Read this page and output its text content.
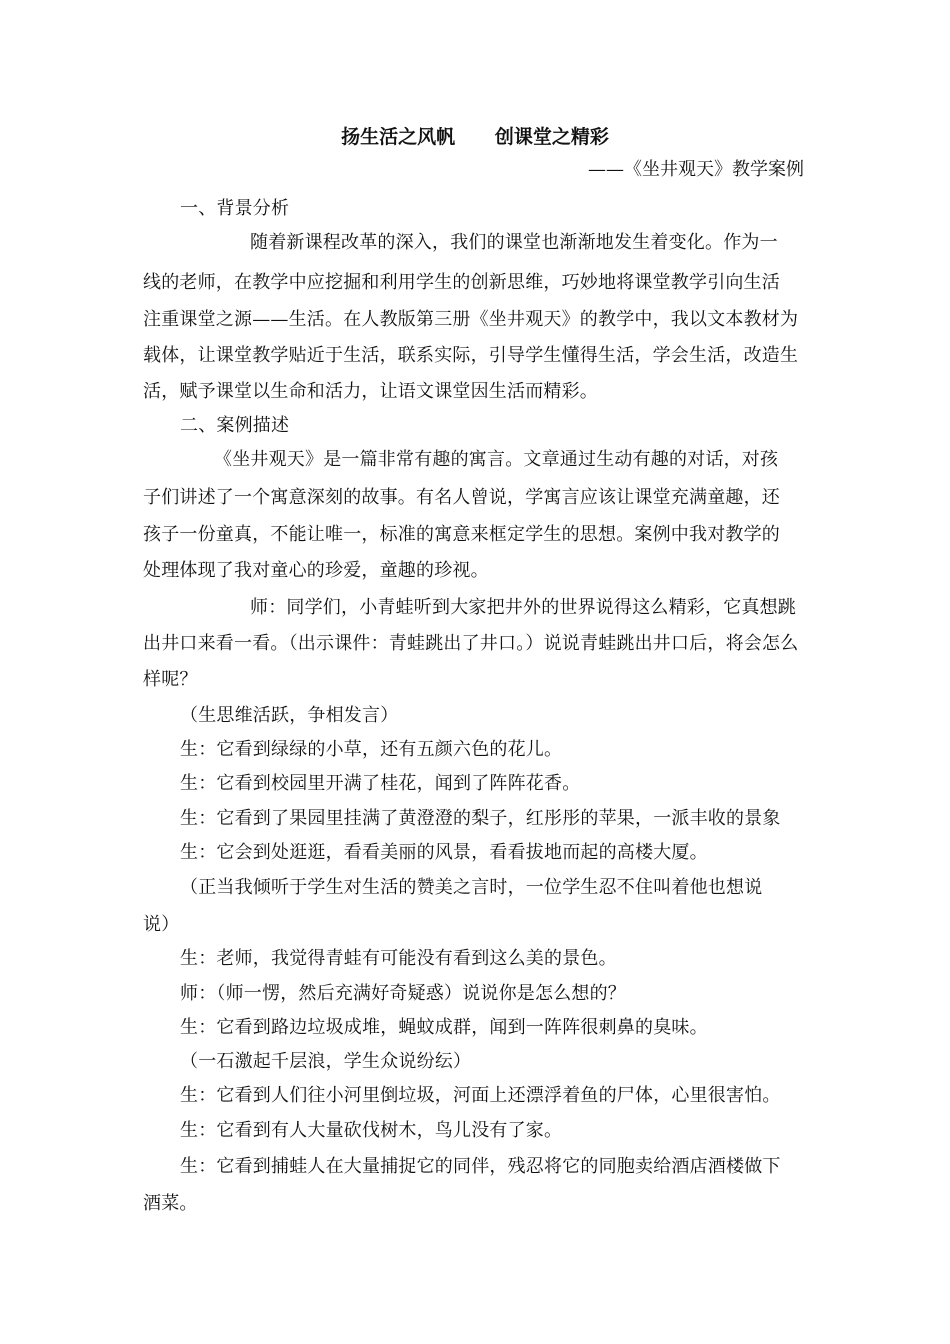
扬生活之风帆      创课堂之精彩
——《坐井观天》教学案例
一、背景分析
随着新课程改革的深入，我们的课堂也渐渐地发生着变化。作为一
线的老师，在教学中应挖掘和利用学生的创新思维，巧妙地将课堂教学引向生活
注重课堂之源——生活。在人教版第三册《坐井观天》的教学中，我以文本教材为
载体，让课堂教学贴近于生活，联系实际，引导学生懂得生活，学会生活，改造生
活，赋予课堂以生命和活力，让语文课堂因生活而精彩。
二、案例描述
《坐井观天》是一篇非常有趣的寓言。文章通过生动有趣的对话，对孩
子们讲述了一个寓意深刻的故事。有名人曾说，学寓言应该让课堂充满童趣，还
孩子一份童真，不能让唯一，标准的寓意来框定学生的思想。案例中我对教学的
处理体现了我对童心的珍爱，童趣的珍视。
师：同学们，小青蛙听到大家把井外的世界说得这么精彩，它真想跳
出井口来看一看。（出示课件：青蛙跳出了井口。）说说青蛙跳出井口后，将会怎么
样呢？
（生思维活跃，争相发言）
生：它看到绿绿的小草，还有五颜六色的花儿。
生：它看到校园里开满了桂花，闻到了阵阵花香。
生：它看到了果园里挂满了黄澄澄的梨子，红彤彤的苹果，一派丰收的景象
生：它会到处逛逛，看看美丽的风景，看看拔地而起的高楼大厦。
（正当我倾听于学生对生活的赞美之言时，一位学生忍不住叫着他也想说
说）
生：老师，我觉得青蛙有可能没有看到这么美的景色。
师：（师一愣，然后充满好奇疑惑）说说你是怎么想的？
生：它看到路边垃圾成堆，蝇蚊成群，闻到一阵阵很刺鼻的臭味。
（一石激起千层浪，学生众说纷纭）
生：它看到人们往小河里倒垃圾，河面上还漂浮着鱼的尸体，心里很害怕。
生：它看到有人大量砍伐树木，鸟儿没有了家。
生：它看到捕蛙人在大量捕捉它的同伴，残忍将它的同胞卖给酒店酒楼做下
酒菜。
